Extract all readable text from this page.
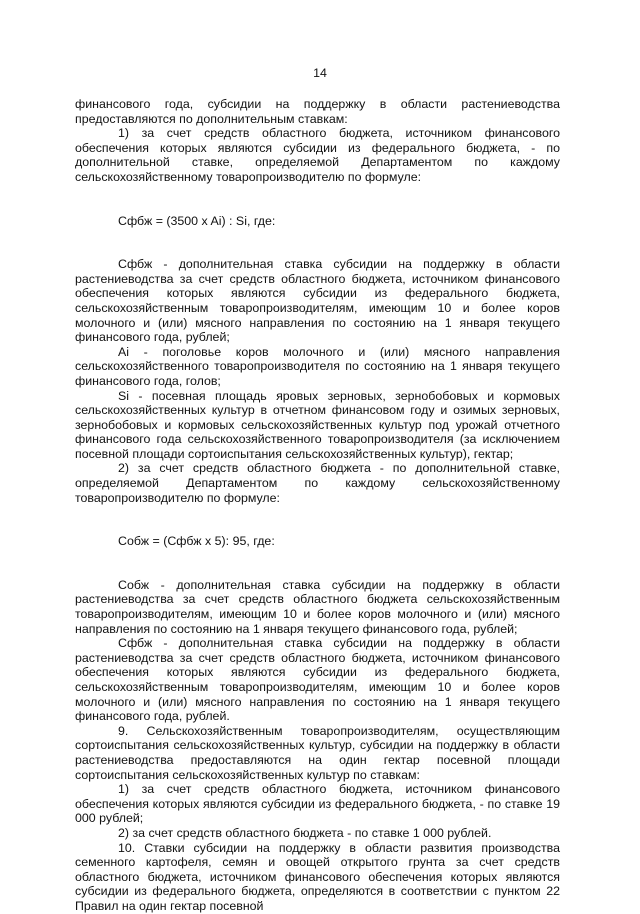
14

финансового года, субсидии на поддержку в области растениеводства предоставляются по дополнительным ставкам:

1) за счет средств областного бюджета, источником финансового обеспечения которых являются субсидии из федерального бюджета, - по дополнительной ставке, определяемой Департаментом по каждому сельскохозяйственному товаропроизводителю по формуле:

Сфбж = (3500 x Ai) : Si, где:

Сфбж - дополнительная ставка субсидии на поддержку в области растениеводства за счет средств областного бюджета, источником финансового обеспечения которых являются субсидии из федерального бюджета, сельскохозяйственным товаропроизводителям, имеющим 10 и более коров молочного и (или) мясного направления по состоянию на 1 января текущего финансового года, рублей;

Ai - поголовье коров молочного и (или) мясного направления сельскохозяйственного товаропроизводителя по состоянию на 1 января текущего финансового года, голов;

Si - посевная площадь яровых зерновых, зернобобовых и кормовых сельскохозяйственных культур в отчетном финансовом году и озимых зерновых, зернобобовых и кормовых сельскохозяйственных культур под урожай отчетного финансового года сельскохозяйственного товаропроизводителя (за исключением посевной площади сортоиспытания сельскохозяйственных культур), гектар;

2) за счет средств областного бюджета - по дополнительной ставке, определяемой Департаментом по каждому сельскохозяйственному товаропроизводителю по формуле:

Собж = (Сфбж x 5): 95, где:

Собж - дополнительная ставка субсидии на поддержку в области растениеводства за счет средств областного бюджета сельскохозяйственным товаропроизводителям, имеющим 10 и более коров молочного и (или) мясного направления по состоянию на 1 января текущего финансового года, рублей;

Сфбж - дополнительная ставка субсидии на поддержку в области растениеводства за счет средств областного бюджета, источником финансового обеспечения которых являются субсидии из федерального бюджета, сельскохозяйственным товаропроизводителям, имеющим 10 и более коров молочного и (или) мясного направления по состоянию на 1 января текущего финансового года, рублей.

9. Сельскохозяйственным товаропроизводителям, осуществляющим сортоиспытания сельскохозяйственных культур, субсидии на поддержку в области растениеводства предоставляются на один гектар посевной площади сортоиспытания сельскохозяйственных культур по ставкам:

1) за счет средств областного бюджета, источником финансового обеспечения которых являются субсидии из федерального бюджета, - по ставке 19 000 рублей;

2) за счет средств областного бюджета - по ставке 1 000 рублей.

10. Ставки субсидии на поддержку в области развития производства семенного картофеля, семян и овощей открытого грунта за счет средств областного бюджета, источником финансового обеспечения которых являются субсидии из федерального бюджета, определяются в соответствии с пунктом 22 Правил на один гектар посевной
